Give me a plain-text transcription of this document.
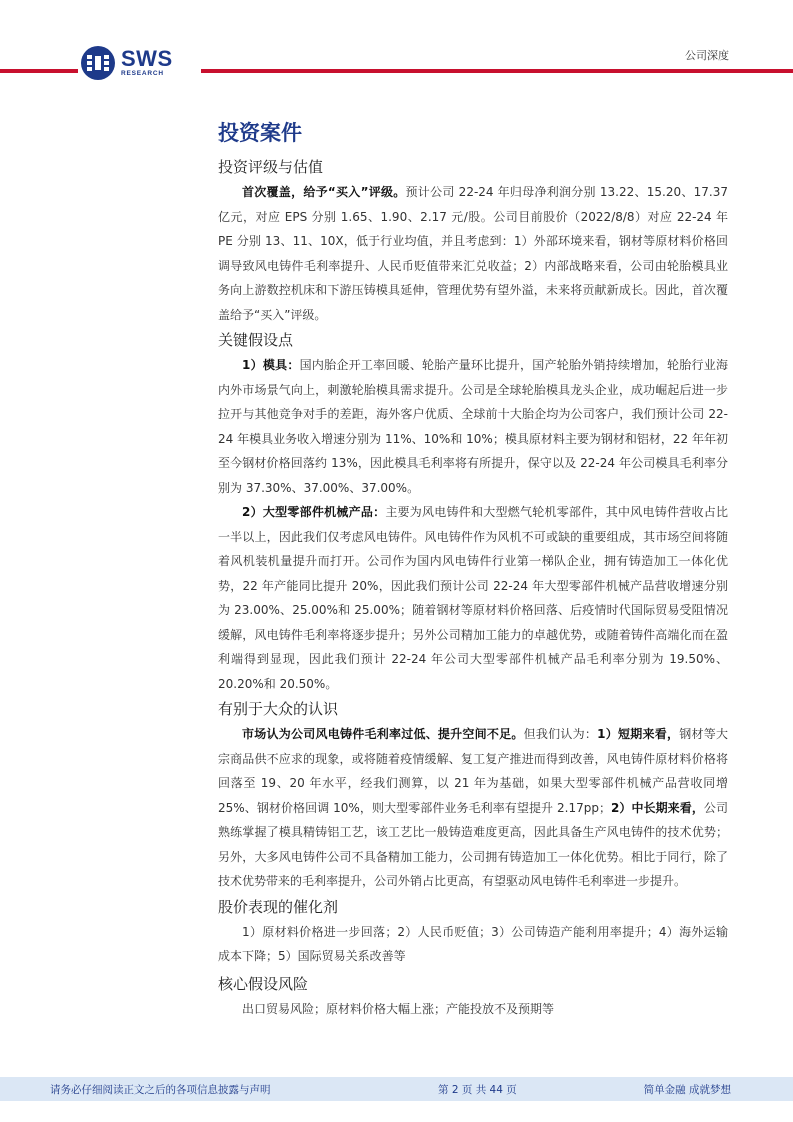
SWS
RESEARCH
公司深度
投资案件
投资评级与估值

首次覆盖，给予“买入”评级。预计公司 22-24 年归母净利润分别 13.22、15.20、17.37 亿元，对应 EPS 分别 1.65、1.90、2.17 元/股。公司目前股价（2022/8/8）对应 22-24 年 PE 分别 13、11、10X，低于行业均值，并且考虑到：1）外部环境来看，钢材等原材料价格回调导致风电铸件毛利率提升、人民币贬值带来汇兑收益；2）内部战略来看，公司由轮胎模具业务向上游数控机床和下游压铸模具延伸，管理优势有望外溢，未来将贡献新成长。因此，首次覆盖给予“买入”评级。

关键假设点

1）模具：国内胎企开工率回暖、轮胎产量环比提升，国产轮胎外销持续增加，轮胎行业海内外市场景气向上，刺激轮胎模具需求提升。公司是全球轮胎模具龙头企业，成功崛起后进一步拉开与其他竞争对手的差距，海外客户优质、全球前十大胎企均为公司客户，我们预计公司 22-24 年模具业务收入增速分别为 11%、10%和 10%；模具原材料主要为钢材和铝材，22 年年初至今钢材价格回落约 13%，因此模具毛利率将有所提升，保守以及 22-24 年公司模具毛利率分别为 37.30%、37.00%、37.00%。

2）大型零部件机械产品：主要为风电铸件和大型燃气轮机零部件，其中风电铸件营收占比一半以上，因此我们仅考虑风电铸件。风电铸件作为风机不可或缺的重要组成，其市场空间将随着风机装机量提升而打开。公司作为国内风电铸件行业第一梯队企业，拥有铸造加工一体化优势，22 年产能同比提升 20%，因此我们预计公司 22-24 年大型零部件机械产品营收增速分别为 23.00%、25.00%和 25.00%；随着钢材等原材料价格回落、后疫情时代国际贸易受阻情况缓解，风电铸件毛利率将逐步提升；另外公司精加工能力的卓越优势，或随着铸件高端化而在盈利端得到显现，因此我们预计 22-24 年公司大型零部件机械产品毛利率分别为 19.50%、20.20%和 20.50%。

有别于大众的认识

市场认为公司风电铸件毛利率过低、提升空间不足。但我们认为：1）短期来看，钢材等大宗商品供不应求的现象，或将随着疫情缓解、复工复产推进而得到改善，风电铸件原材料价格将回落至 19、20 年水平，经我们测算，以 21 年为基础，如果大型零部件机械产品营收同增 25%、钢材价格回调 10%，则大型零部件业务毛利率有望提升 2.17pp；2）中长期来看，公司熟练掌握了模具精铸铝工艺，该工艺比一般铸造难度更高，因此具备生产风电铸件的技术优势；另外，大多风电铸件公司不具备精加工能力，公司拥有铸造加工一体化优势。相比于同行，除了技术优势带来的毛利率提升，公司外销占比更高，有望驱动风电铸件毛利率进一步提升。

股价表现的催化剂

1）原材料价格进一步回落；2）人民币贬值；3）公司铸造产能利用率提升；4）海外运输成本下降；5）国际贸易关系改善等

核心假设风险

出口贸易风险；原材料价格大幅上涨；产能投放不及预期等

请务必仔细阅读正文之后的各项信息披露与声明	第 2 页 共 44 页	简单金融 成就梦想
